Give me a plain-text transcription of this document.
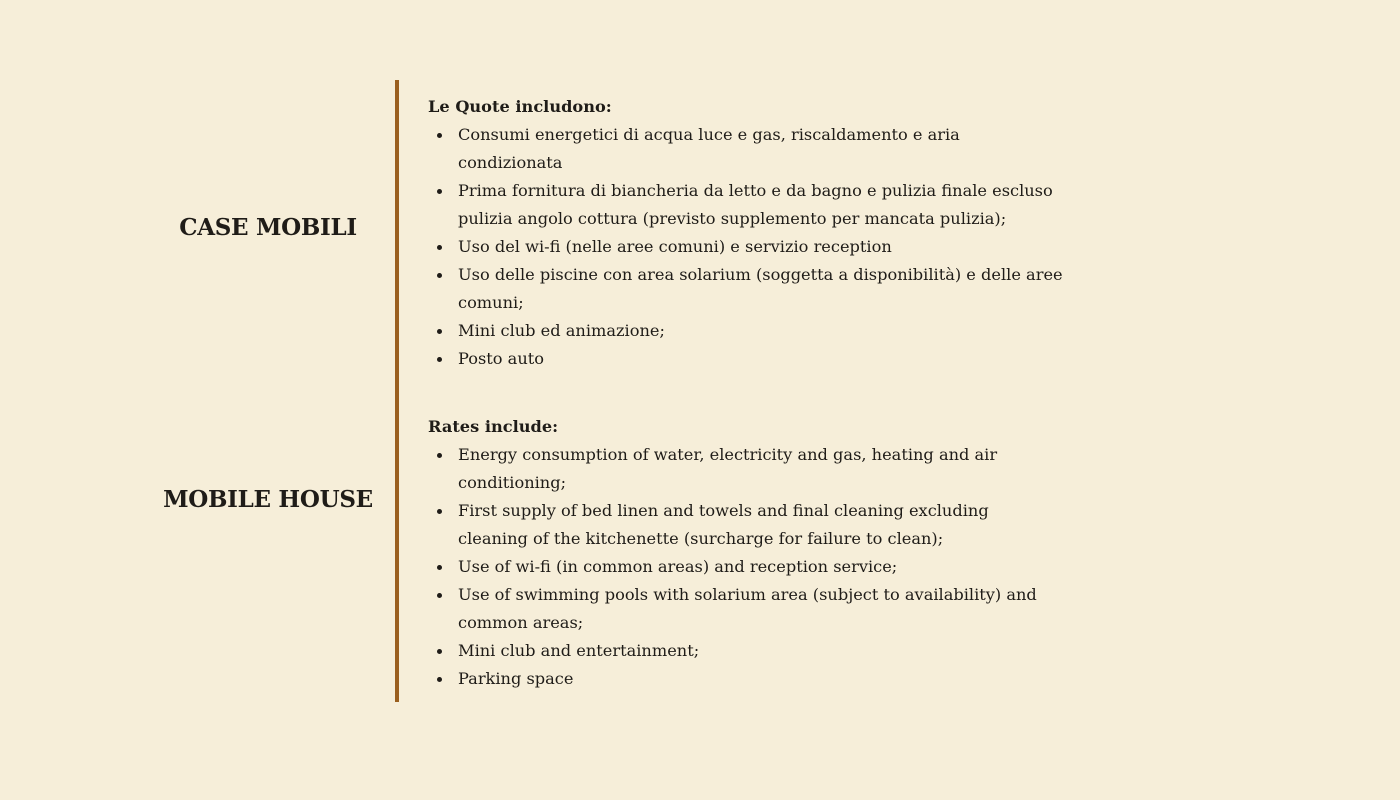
CASE MOBILI
MOBILE HOUSE
Le Quote includono:
Consumi energetici di acqua luce e gas, riscaldamento e aria
condizionata
Prima fornitura di biancheria da letto e da bagno e pulizia finale escluso
pulizia angolo cottura (previsto supplemento per mancata pulizia);
Uso del wi-fi (nelle aree comuni) e servizio reception
Uso delle piscine con area solarium (soggetta a disponibilità) e delle aree
comuni;
Mini club ed animazione;
Posto auto
Rates include:
Energy consumption of water, electricity and gas, heating and air
conditioning;
First supply of bed linen and towels and final cleaning excluding
cleaning of the kitchenette (surcharge for failure to clean);
Use of wi-fi (in common areas) and reception service;
Use of swimming pools with solarium area (subject to availability) and
common areas;
Mini club and entertainment;
Parking space
